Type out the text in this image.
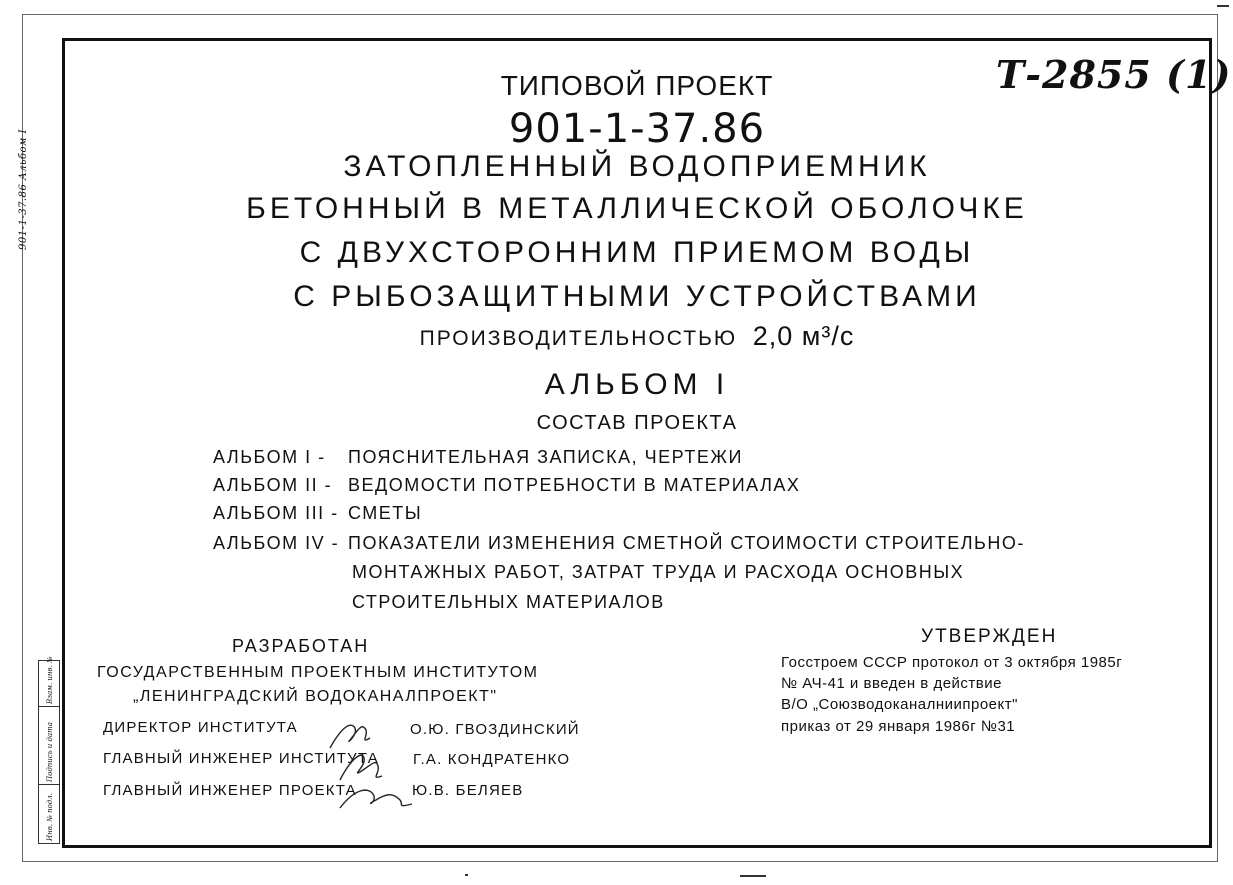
901-1-37.86 Альбом I
Взам. инв. №
Подпись и дата
Инв. № подл.
Т-2855 (1)
ТИПОВОЙ ПРОЕКТ
901-1-37.86
ЗАТОПЛЕННЫЙ ВОДОПРИЕМНИК
БЕТОННЫЙ В МЕТАЛЛИЧЕСКОЙ ОБОЛОЧКЕ
С ДВУХСТОРОННИМ ПРИЕМОМ ВОДЫ
С РЫБОЗАЩИТНЫМИ УСТРОЙСТВАМИ
ПРОИЗВОДИТЕЛЬНОСТЬЮ 2,0 м³/с
АЛЬБОМ I
СОСТАВ ПРОЕКТА
АЛЬБОМ I - ПОЯСНИТЕЛЬНАЯ ЗАПИСКА, ЧЕРТЕЖИ
АЛЬБОМ II - ВЕДОМОСТИ ПОТРЕБНОСТИ В МАТЕРИАЛАХ
АЛЬБОМ III - СМЕТЫ
АЛЬБОМ IV - ПОКАЗАТЕЛИ ИЗМЕНЕНИЯ СМЕТНОЙ СТОИМОСТИ СТРОИТЕЛЬНО-
МОНТАЖНЫХ РАБОТ, ЗАТРАТ ТРУДА И РАСХОДА ОСНОВНЫХ
СТРОИТЕЛЬНЫХ МАТЕРИАЛОВ
РАЗРАБОТАН
ГОСУДАРСТВЕННЫМ ПРОЕКТНЫМ ИНСТИТУТОМ
„ЛЕНИНГРАДСКИЙ ВОДОКАНАЛПРОЕКТ"
ДИРЕКТОР ИНСТИТУТА	О.Ю. ГВОЗДИНСКИЙ
ГЛАВНЫЙ ИНЖЕНЕР ИНСТИТУТА Г.А. КОНДРАТЕНКО
ГЛАВНЫЙ ИНЖЕНЕР ПРОЕКТА	Ю.В. БЕЛЯЕВ
УТВЕРЖДЕН
Госстроем СССР протокол от 3 октября 1985г
№ АЧ-41 и введен в действие
В/О „Союзводоканалниипроект"
приказ от 29 января 1986г №31
